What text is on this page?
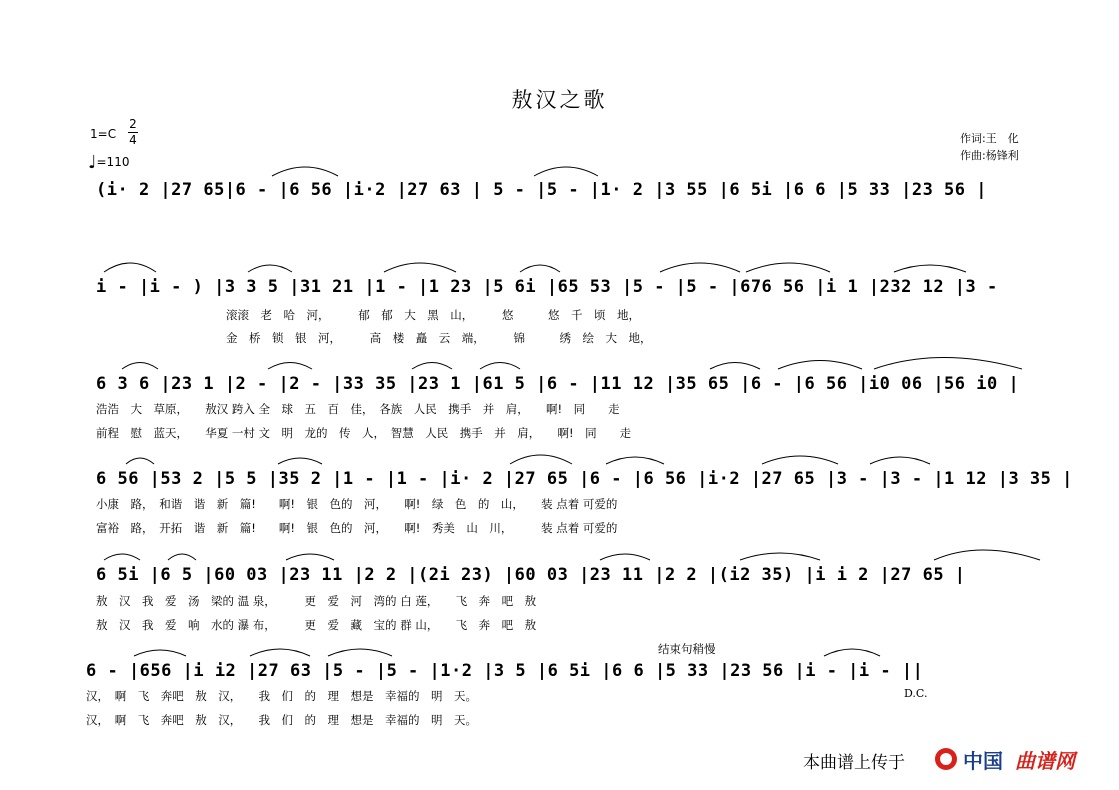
敖汉之歌
1=C
2
4
♩=110
作词:王　化
作曲:杨锋利
(i· 2 |27 65|6 - |6 56 |i·2 |27 63 | 5 - |5 - |1· 2 |3 55 |6 5i |6 6 |5 33 |23 56 |
i - |i - ) |3 3 5 |31 21 |1 - |1 23 |5 6i |65 53 |5 - |5 - |676 56 |i 1 |232 12 |3 -
滚滚　老　哈　河，　　　郁　郁　大　黑　山，　　　悠　　　悠　千　顷　地，
金　桥　锁　银　河，　　　高　楼　矗　云　端，　　　锦　　　绣　绘　大　地，
6 3 6 |23 1 |2 - |2 - |33 35 |23 1 |61 5 |6 - |11 12 |35 65 |6 - |6 56 |i0 06 |56 i0 |
浩浩　大　草原，　　敖汉 跨入 全　球　五　百　佳，　各族　人民　携手　并　肩，　　啊!　同　　走
前程　慰　蓝天，　　华夏 一村 文　明　龙的　传　人，　智慧　人民　携手　并　肩，　　啊!　同　　走
6 56 |53 2 |5 5 |35 2 |1 - |1 - |i· 2 |27 65 |6 - |6 56 |i·2 |27 65 |3 - |3 - |1 12 |3 35 |
小康　路，　和谐　谐　新　篇!　　啊!　银　色的　河，　　啊!　绿　色　的　山，　　装 点着 可爱的
富裕　路，　开拓　谐　新　篇!　　啊!　银　色的　河，　　啊!　秀美　山　川，　　　装 点着 可爱的
6 5i |6 5 |60 03 |23 11 |2 2 |(2i 23) |60 03 |23 11 |2 2 |(i2 35) |i i 2 |27 65 |
敖　汉　我　爱　汤　梁的 温 泉，　　　更　爱　河　湾的 白 莲，　　飞　奔　吧　敖
敖　汉　我　爱　响　水的 瀑 布，　　　更　爱　藏　宝的 群 山，　　飞　奔　吧　敖
结束句稍慢
6 - |656 |i i2 |27 63 |5 - |5 - |1·2 |3 5 |6 5i |6 6 |5 33 |23 56 |i - |i - ||
汉，　啊　飞　奔吧　敖　汉，　　我　们　的　理　想是　幸福的　明　天。
汉，　啊　飞　奔吧　敖　汉，　　我　们　的　理　想是　幸福的　明　天。
D.C.
本曲谱上传于	中国 曲谱网
